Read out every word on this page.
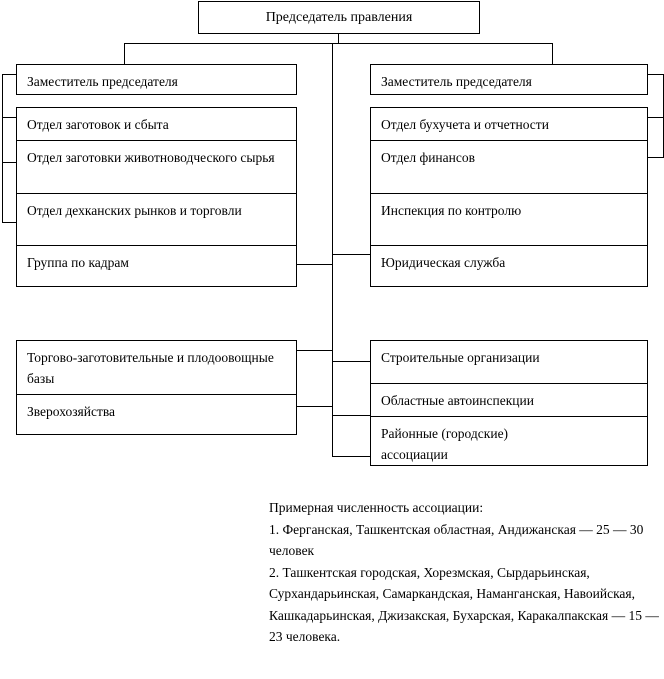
Председатель правления
Заместитель председателя	Заместитель председателя
Отдел заготовок и сбыта
Отдел заготовки животноводческого сырья
Отдел дехканских рынков и торговли
Группа по кадрам
Отдел бухучета и отчетности
Отдел финансов
Инспекция по контролю
Юридическая служба
Торгово-заготовительные и плодоовощные базы
Зверохозяйства
Строительные организации
Областные автоинспекции
Районные (городские) ассоциации
Примерная численность ассоциации:
1. Ферганская, Ташкентская областная, Андижанская — 25 — 30 человек
2. Ташкентская городская, Хорезмская, Сырдарьинская, Сурхандарьинская, Самаркандская, Наманганская, Навоийская, Кашкадарьинская, Джизакская, Бухарская, Каракалпакская — 15 — 23 человека.
